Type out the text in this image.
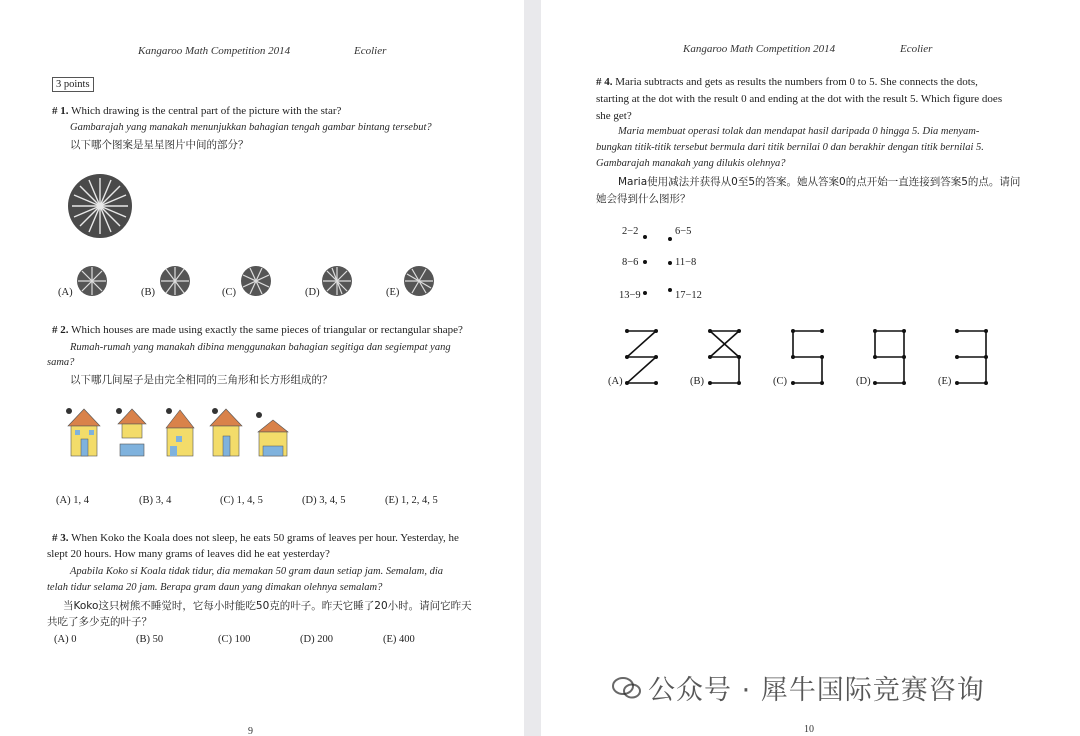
Kangaroo Math Competition 2014	Ecolier
3 points
# 1. Which drawing is the central part of the picture with the star?
Gambarajah yang manakah menunjukkan bahagian tengah gambar bintang tersebut?
以下哪个图案是星星图片中间的部分？
(A)	(B)	(C)	(D)	(E)
# 2. Which houses are made using exactly the same pieces of triangular or rectangular shape?
Rumah-rumah yang manakah dibina menggunakan bahagian segitiga dan segiempat yang
sama?
以下哪几间屋子是由完全相同的三角形和长方形组成的？
(A) 1, 4	(B) 3, 4	(C) 1, 4, 5	(D) 3, 4, 5	(E) 1, 2, 4, 5
# 3. When Koko the Koala does not sleep, he eats 50 grams of leaves per hour. Yesterday, he
slept 20 hours. How many grams of leaves did he eat yesterday?
Apabila Koko si Koala tidak tidur, dia memakan 50 gram daun setiap jam. Semalam, dia
telah tidur selama 20 jam. Berapa gram daun yang dimakan olehnya semalam?
当Koko这只树熊不睡觉时，它每小时能吃50克的叶子。昨天它睡了20小时。请问它昨天
共吃了多少克的叶子？
(A) 0	(B) 50	(C) 100	(D) 200	(E) 400
9
Kangaroo Math Competition 2014	Ecolier
# 4. Maria subtracts and gets as results the numbers from 0 to 5. She connects the dots,
starting at the dot with the result 0 and ending at the dot with the result 5. Which figure does
she get?
Maria membuat operasi tolak dan mendapat hasil daripada 0 hingga 5. Dia menyam-
bungkan titik-titik tersebut bermula dari titik bernilai 0 dan berakhir dengan titik bernilai 5.
Gambarajah manakah yang dilukis olehnya?
Maria使用减法并获得从0至5的答案。她从答案0的点开始一直连接到答案5的点。请问
她会得到什么图形？
2−2	6−5
8−6	11−8
13−9	17−12
(A)	(B)	(C)	(D)	(E)
10
公众号 · 犀牛国际竞赛咨询
